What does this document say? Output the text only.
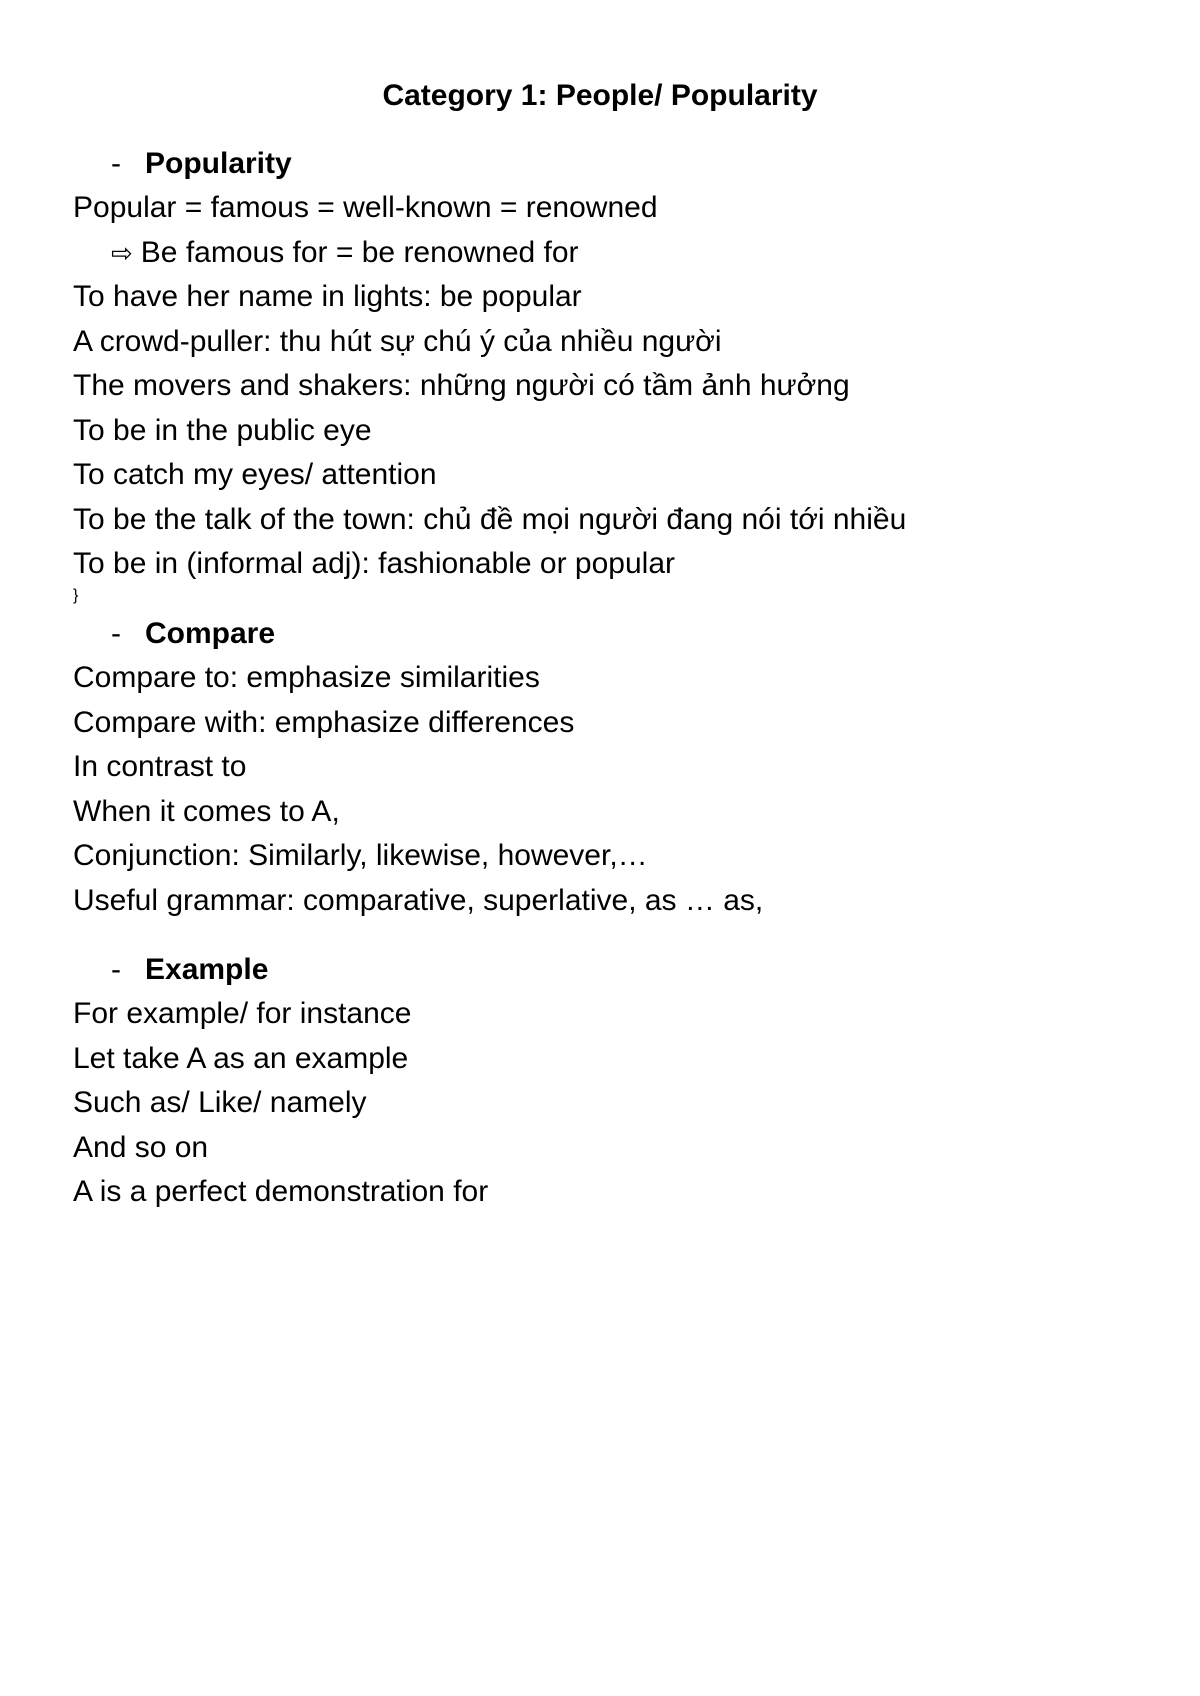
Category 1: People/ Popularity
- Popularity
Popular = famous = well-known = renowned
⇨ Be famous for = be renowned for
To have her name in lights: be popular
A crowd-puller: thu hút sự chú ý của nhiều người
The movers and shakers: những người có tầm ảnh hưởng
To be in the public eye
To catch my eyes/ attention
To be the talk of the town: chủ đề mọi người đang nói tới nhiều
To be in (informal adj): fashionable or popular
}
- Compare
Compare to: emphasize similarities
Compare with: emphasize differences
In contrast to
When it comes to A,
Conjunction: Similarly, likewise, however,…
Useful grammar: comparative, superlative, as … as,
- Example
For example/ for instance
Let take A as an example
Such as/ Like/ namely
And so on
A is a perfect demonstration for
